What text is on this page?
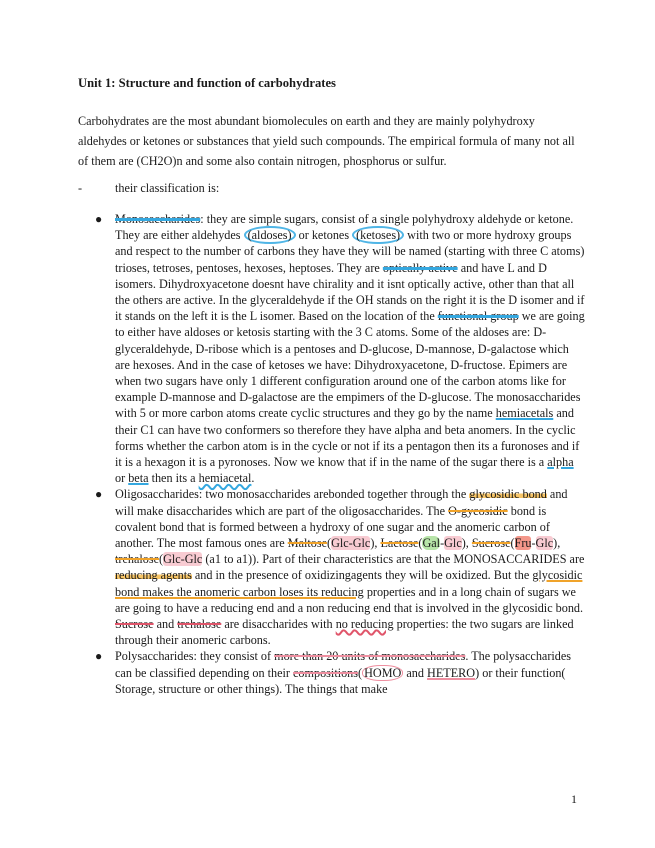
Unit 1: Structure and function of carbohydrates

Carbohydrates are the most abundant biomolecules on earth and they are mainly polyhydroxy aldehydes or ketones or substances that yield such compounds. The empirical formula of many not all of them are (CH2O)n and some also contain nitrogen, phosphorus or sulfur.

-	their classification is:
● Monosaccharides: they are simple sugars, consist of a single polyhydroxy aldehyde or ketone. They are either aldehydes (aldoses) or ketones (ketoses) with two or more hydroxy groups and respect to the number of carbons they have they will be named (starting with three C atoms) trioses, tetroses, pentoses, hexoses, heptoses. They are optically active and have L and D isomers. Dihydroxyacetone doesnt have chirality and it isnt optically active, other than that all the others are active. In the glyceraldehyde if the OH stands on the right it is the D isomer and if it stands on the left it is the L isomer. Based on the location of the functional group we are going to either have aldoses or ketosis starting with the 3 C atoms. Some of the aldoses are: D-glyceraldehyde, D-ribose which is a pentoses and D-glucose, D-mannose, D-galactose which are hexoses. And in the case of ketoses we have: Dihydroxyacetone, D-fructose. Epimers are when two sugars have only 1 different configuration around one of the carbon atoms like for example D-mannose and D-galactose are the empimers of the D-glucose. The monosaccharides with 5 or more carbon atoms create cyclic structures and they go by the name hemiacetals and their C1 can have two conformers so therefore they have alpha and beta anomers. In the cyclic forms whether the carbon atom is in the cycle or not if its a pentagon then its a furonoses and if it is a hexagon it is a pyronoses. Now we know that if in the name of the sugar there is a alpha or beta then its a hemiacetal.
● Oligosaccharides: two monosaccharides arebonded together through the glycosidic bond and will make disaccharides which are part of the oligosaccharides. The O-gycosidic bond is covalent bond that is formed between a hydroxy of one sugar and the anomeric carbon of another. The most famous ones are Maltose(Glc-Glc), Lactose(Gal-Glc), Sucrose(Fru-Glc), trehalose(Glc-Glc (a1 to a1)). Part of their characteristics are that the MONOSACCARIDES are reducing agents and in the presence of oxidizingagents they will be oxidized. But the glycosidic bond makes the anomeric carbon loses its reducing properties and in a long chain of sugars we are going to have a reducing end and a non reducing end that is involved in the glycosidic bond. Sucrose and trehalose are disaccharides with no reducing properties: the two sugars are linked through their anomeric carbons.
● Polysaccharides: they consist of more than 20 units of monosaccharides. The polysaccharides can be classified depending on their compositions( HOMO and HETERO) or their function( Storage, structure or other things). The things that make
1
